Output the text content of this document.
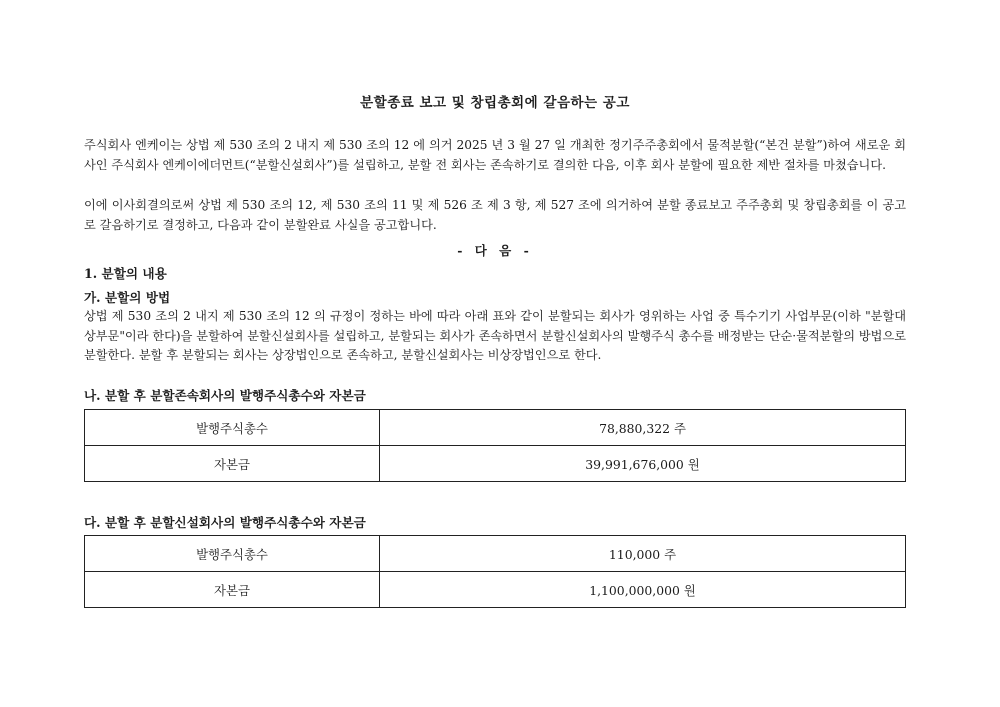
분할종료 보고 및 창립총회에 갈음하는 공고

주식회사 엔케이는 상법 제 530 조의 2 내지 제 530 조의 12 에 의거 2025 년 3 월 27 일 개최한 정기주주총회에서 물적분할(“본건 분할”)하여 새로운 회사인 주식회사 엔케이에더먼트(“분할신설회사”)를 설립하고, 분할 전 회사는 존속하기로 결의한 다음, 이후 회사 분할에 필요한 제반 절차를 마쳤습니다.

이에 이사회결의로써 상법 제 530 조의 12, 제 530 조의 11 및 제 526 조 제 3 항, 제 527 조에 의거하여 분할 종료보고 주주총회 및 창립총회를 이 공고로 갈음하기로 결정하고, 다음과 같이 분할완료 사실을 공고합니다.

- 다 음 -
1. 분할의 내용
가. 분할의 방법

상법 제 530 조의 2 내지 제 530 조의 12 의 규정이 정하는 바에 따라 아래 표와 같이 분할되는 회사가 영위하는 사업 중 특수기기 사업부문(이하 "분할대상부문"이라 한다)을 분할하여 분할신설회사를 설립하고, 분할되는 회사가 존속하면서 분할신설회사의 발행주식 총수를 배정받는 단순·물적분할의 방법으로 분할한다. 분할 후 분할되는 회사는 상장법인으로 존속하고, 분할신설회사는 비상장법인으로 한다.

나. 분할 후 분할존속회사의 발행주식총수와 자본금
발행주식총수	78,880,322 주
자본금	39,991,676,000 원
다. 분할 후 분할신설회사의 발행주식총수와 자본금
발행주식총수	110,000 주
자본금	1,100,000,000 원
